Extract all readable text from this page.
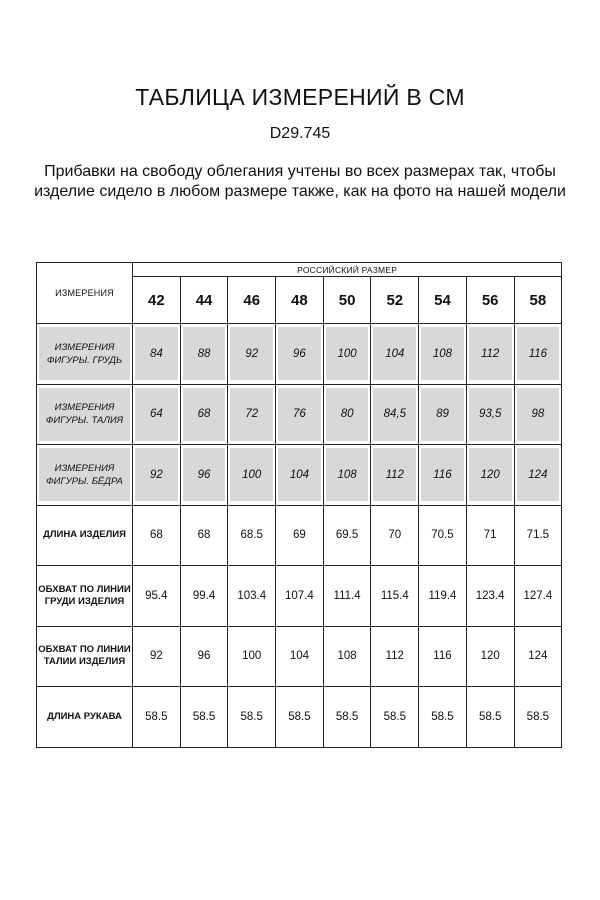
ТАБЛИЦА ИЗМЕРЕНИЙ В СМ
D29.745
Прибавки на свободу облегания учтены во всех размерах так, чтобы изделие сидело в любом размере также, как на фото на нашей модели
ИЗМЕРЕНИЯ	РОССИЙСКИЙ РАЗМЕР								
	42	44	46	48	50	52	54	56	58

ИЗМЕРЕНИЯ ФИГУРЫ. ГРУДЬ	84	88	92	96	100	104	108	112	116

ИЗМЕРЕНИЯ ФИГУРЫ. ТАЛИЯ	64	68	72	76	80	84,5	89	93,5	98

ИЗМЕРЕНИЯ ФИГУРЫ. БЁДРА	92	96	100	104	108	112	116	120	124

ДЛИНА ИЗДЕЛИЯ	68	68	68.5	69	69.5	70	70.5	71	71.5
ОБХВАТ ПО ЛИНИИ ГРУДИ ИЗДЕЛИЯ	95.4	99.4	103.4	107.4	111.4	115.4	119.4	123.4	127.4
ОБХВАТ ПО ЛИНИИ ТАЛИИ ИЗДЕЛИЯ	92	96	100	104	108	112	116	120	124
ДЛИНА РУКАВА	58.5	58.5	58.5	58.5	58.5	58.5	58.5	58.5	58.5
